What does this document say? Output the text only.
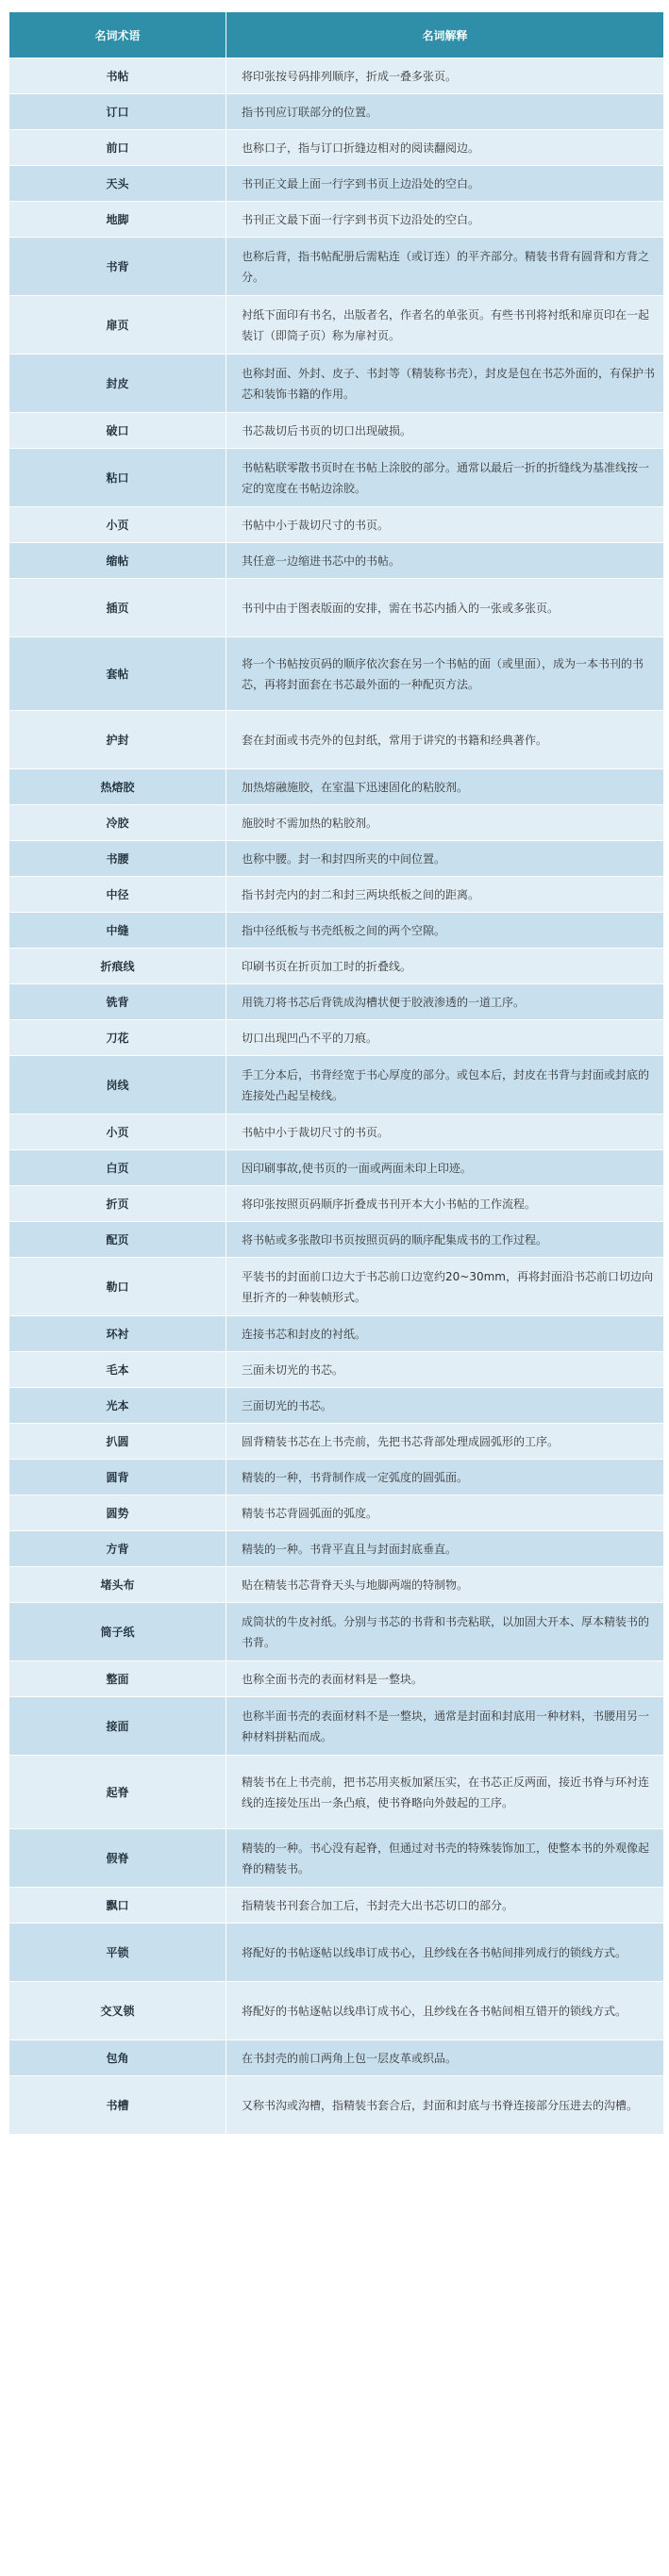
名词术语	名词解释
书帖	将印张按号码排列顺序，折成一叠多张页。
订口	指书刊应订联部分的位置。
前口	也称口子，指与订口折缝边相对的阅读翻阅边。
天头	书刊正文最上面一行字到书页上边沿处的空白。
地脚	书刊正文最下面一行字到书页下边沿处的空白。
书背	也称后背，指书帖配册后需粘连（或订连）的平齐部分。精装书背有圆背和方背之分。
扉页	衬纸下面印有书名，出版者名，作者名的单张页。有些书刊将衬纸和扉页印在一起装订（即筒子页）称为扉衬页。
封皮	也称封面、外封、皮子、书封等（精装称书壳），封皮是包在书芯外面的，有保护书芯和装饰书籍的作用。
破口	书芯裁切后书页的切口出现破损。
粘口	书帖粘联零散书页时在书帖上涂胶的部分。通常以最后一折的折缝线为基准线按一定的宽度在书帖边涂胶。
小页	书帖中小于裁切尺寸的书页。
缩帖	其任意一边缩进书芯中的书帖。
插页	书刊中由于图表版面的安排，需在书芯内插入的一张或多张页。
套帖	将一个书帖按页码的顺序依次套在另一个书帖的面（或里面），成为一本书刊的书芯，再将封面套在书芯最外面的一种配页方法。
护封	套在封面或书壳外的包封纸，常用于讲究的书籍和经典著作。
热熔胶	加热熔融施胶，在室温下迅速固化的粘胶剂。
冷胶	施胶时不需加热的粘胶剂。
书腰	也称中腰。封一和封四所夹的中间位置。
中径	指书封壳内的封二和封三两块纸板之间的距离。
中缝	指中径纸板与书壳纸板之间的两个空隙。
折痕线	印刷书页在折页加工时的折叠线。
铣背	用铣刀将书芯后背铣成沟槽状便于胶液渗透的一道工序。
刀花	切口出现凹凸不平的刀痕。
岗线	手工分本后，书背经宽于书心厚度的部分。或包本后，封皮在书背与封面或封底的连接处凸起呈棱线。
小页	书帖中小于裁切尺寸的书页。
白页	因印刷事故,使书页的一面或两面未印上印迹。
折页	将印张按照页码顺序折叠成书刊开本大小书帖的工作流程。
配页	将书帖或多张散印书页按照页码的顺序配集成书的工作过程。
勒口	平装书的封面前口边大于书芯前口边宽约20~30mm，再将封面沿书芯前口切边向里折齐的一种装帧形式。
环衬	连接书芯和封皮的衬纸。
毛本	三面未切光的书芯。
光本	三面切光的书芯。
扒圆	圆背精装书芯在上书壳前，先把书芯背部处理成圆弧形的工序。
圆背	精装的一种，书背制作成一定弧度的圆弧面。
圆势	精装书芯背圆弧面的弧度。
方背	精装的一种。书背平直且与封面封底垂直。
堵头布	贴在精装书芯背脊天头与地脚两端的特制物。
筒子纸	成筒状的牛皮衬纸。分别与书芯的书背和书壳粘联，以加固大开本、厚本精装书的书背。
整面	也称全面书壳的表面材料是一整块。
接面	也称半面书壳的表面材料不是一整块，通常是封面和封底用一种材料，书腰用另一种材料拼粘而成。
起脊	精装书在上书壳前，把书芯用夹板加紧压实，在书芯正反两面，接近书脊与环衬连线的连接处压出一条凸痕，使书脊略向外鼓起的工序。
假脊	精装的一种。书心没有起脊，但通过对书壳的特殊装饰加工，使整本书的外观像起脊的精装书。
飘口	指精装书刊套合加工后，书封壳大出书芯切口的部分。
平锁	将配好的书帖逐帖以线串订成书心，且纱线在各书帖间排列成行的锁线方式。
交叉锁	将配好的书帖逐帖以线串订成书心，且纱线在各书帖间相互错开的锁线方式。
包角	在书封壳的前口两角上包一层皮革或织品。
书槽	又称书沟或沟槽，指精装书套合后，封面和封底与书脊连接部分压进去的沟槽。
